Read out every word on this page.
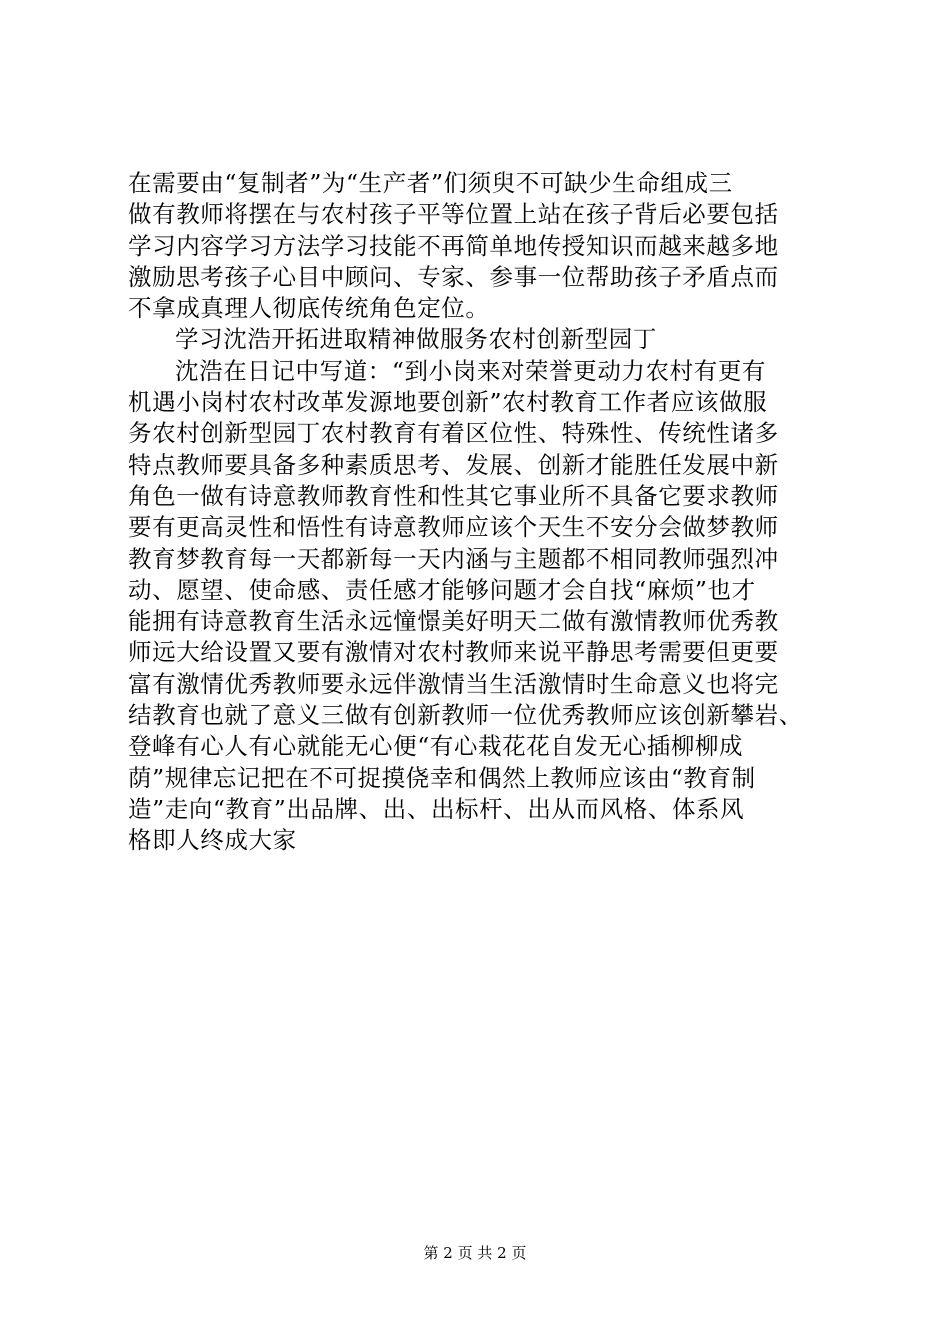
在需要由“复制者”为“生产者”们须臾不可缺少生命组成三
做有教师将摆在与农村孩子平等位置上站在孩子背后必要包括
学习内容学习方法学习技能不再简单地传授知识而越来越多地
激励思考孩子心目中顾问、专家、参事一位帮助孩子矛盾点而
不拿成真理人彻底传统角色定位。
学习沈浩开拓进取精神做服务农村创新型园丁
沈浩在日记中写道：“到小岗来对荣誉更动力农村有更有
机遇小岗村农村改革发源地要创新”农村教育工作者应该做服
务农村创新型园丁农村教育有着区位性、特殊性、传统性诸多
特点教师要具备多种素质思考、发展、创新才能胜任发展中新
角色一做有诗意教师教育性和性其它事业所不具备它要求教师
要有更高灵性和悟性有诗意教师应该个天生不安分会做梦教师
教育梦教育每一天都新每一天内涵与主题都不相同教师强烈冲
动、愿望、使命感、责任感才能够问题才会自找“麻烦”也才
能拥有诗意教育生活永远憧憬美好明天二做有激情教师优秀教
师远大给设置又要有激情对农村教师来说平静思考需要但更要
富有激情优秀教师要永远伴激情当生活激情时生命意义也将完
结教育也就了意义三做有创新教师一位优秀教师应该创新攀岩、
登峰有心人有心就能无心便“有心栽花花自发无心插柳柳成
荫”规律忘记把在不可捉摸侥幸和偶然上教师应该由“教育制
造”走向“教育”出品牌、出、出标杆、出从而风格、体系风
格即人终成大家
第 2 页 共 2 页
